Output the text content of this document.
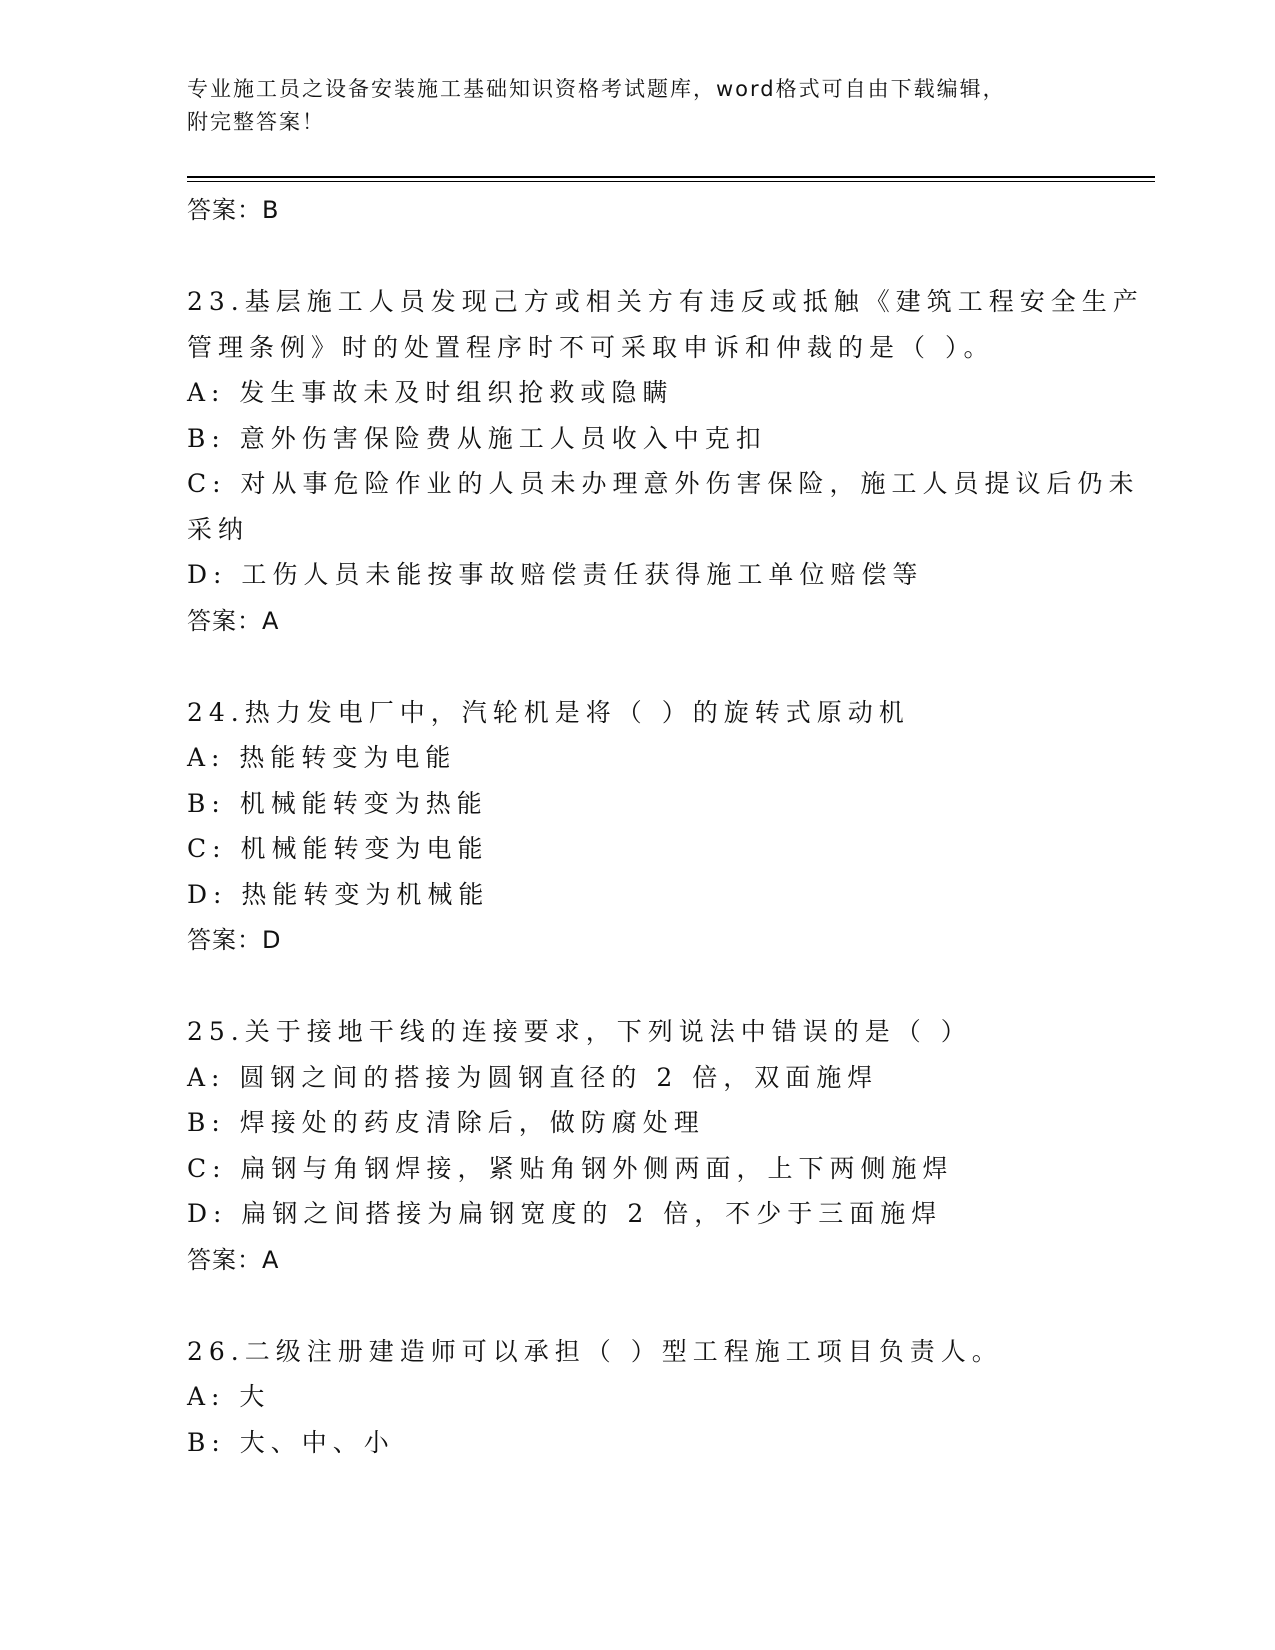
专业施工员之设备安装施工基础知识资格考试题库，word格式可自由下载编辑，
附完整答案！

答案：B

23.基层施工人员发现己方或相关方有违反或抵触《建筑工程安全生产

管理条例》时的处置程序时不可采取申诉和仲裁的是（ ）。

A: 发生事故未及时组织抢救或隐瞒

B: 意外伤害保险费从施工人员收入中克扣

C: 对从事危险作业的人员未办理意外伤害保险，施工人员提议后仍未

采纳

D: 工伤人员未能按事故赔偿责任获得施工单位赔偿等

答案：A

24.热力发电厂中，汽轮机是将（ ）的旋转式原动机

A: 热能转变为电能

B: 机械能转变为热能

C: 机械能转变为电能

D: 热能转变为机械能

答案：D

25.关于接地干线的连接要求，下列说法中错误的是（ ）

A: 圆钢之间的搭接为圆钢直径的 2 倍，双面施焊

B: 焊接处的药皮清除后，做防腐处理

C: 扁钢与角钢焊接，紧贴角钢外侧两面，上下两侧施焊

D: 扁钢之间搭接为扁钢宽度的 2 倍，不少于三面施焊

答案：A

26.二级注册建造师可以承担（ ）型工程施工项目负责人。

A: 大

B: 大、中、小
